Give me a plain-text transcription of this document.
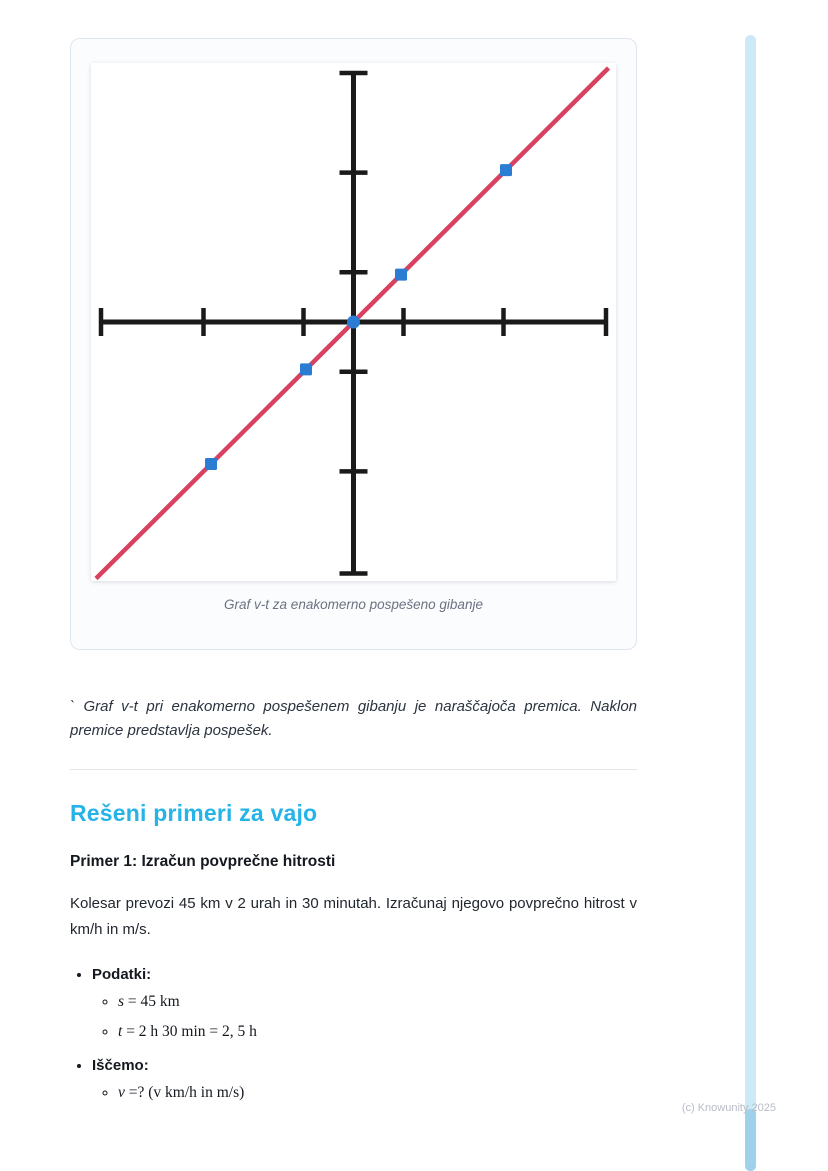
Graf v-t za enakomerno pospešeno gibanje

` Graf v-t pri enakomerno pospešenem gibanju je naraščajoča premica. Naklon premice predstavlja pospešek.

Rešeni primeri za vajo
Primer 1: Izračun povprečne hitrosti

Kolesar prevozi 45 km v 2 urah in 30 minutah. Izračunaj njegovo povprečno hitrost v km/h in m/s.

• Podatki:
◦ s = 45 km
◦ t = 2 h 30 min = 2, 5 h
• Iščemo:
◦ v =? (v km/h in m/s)
(c) Knowunity 2025
